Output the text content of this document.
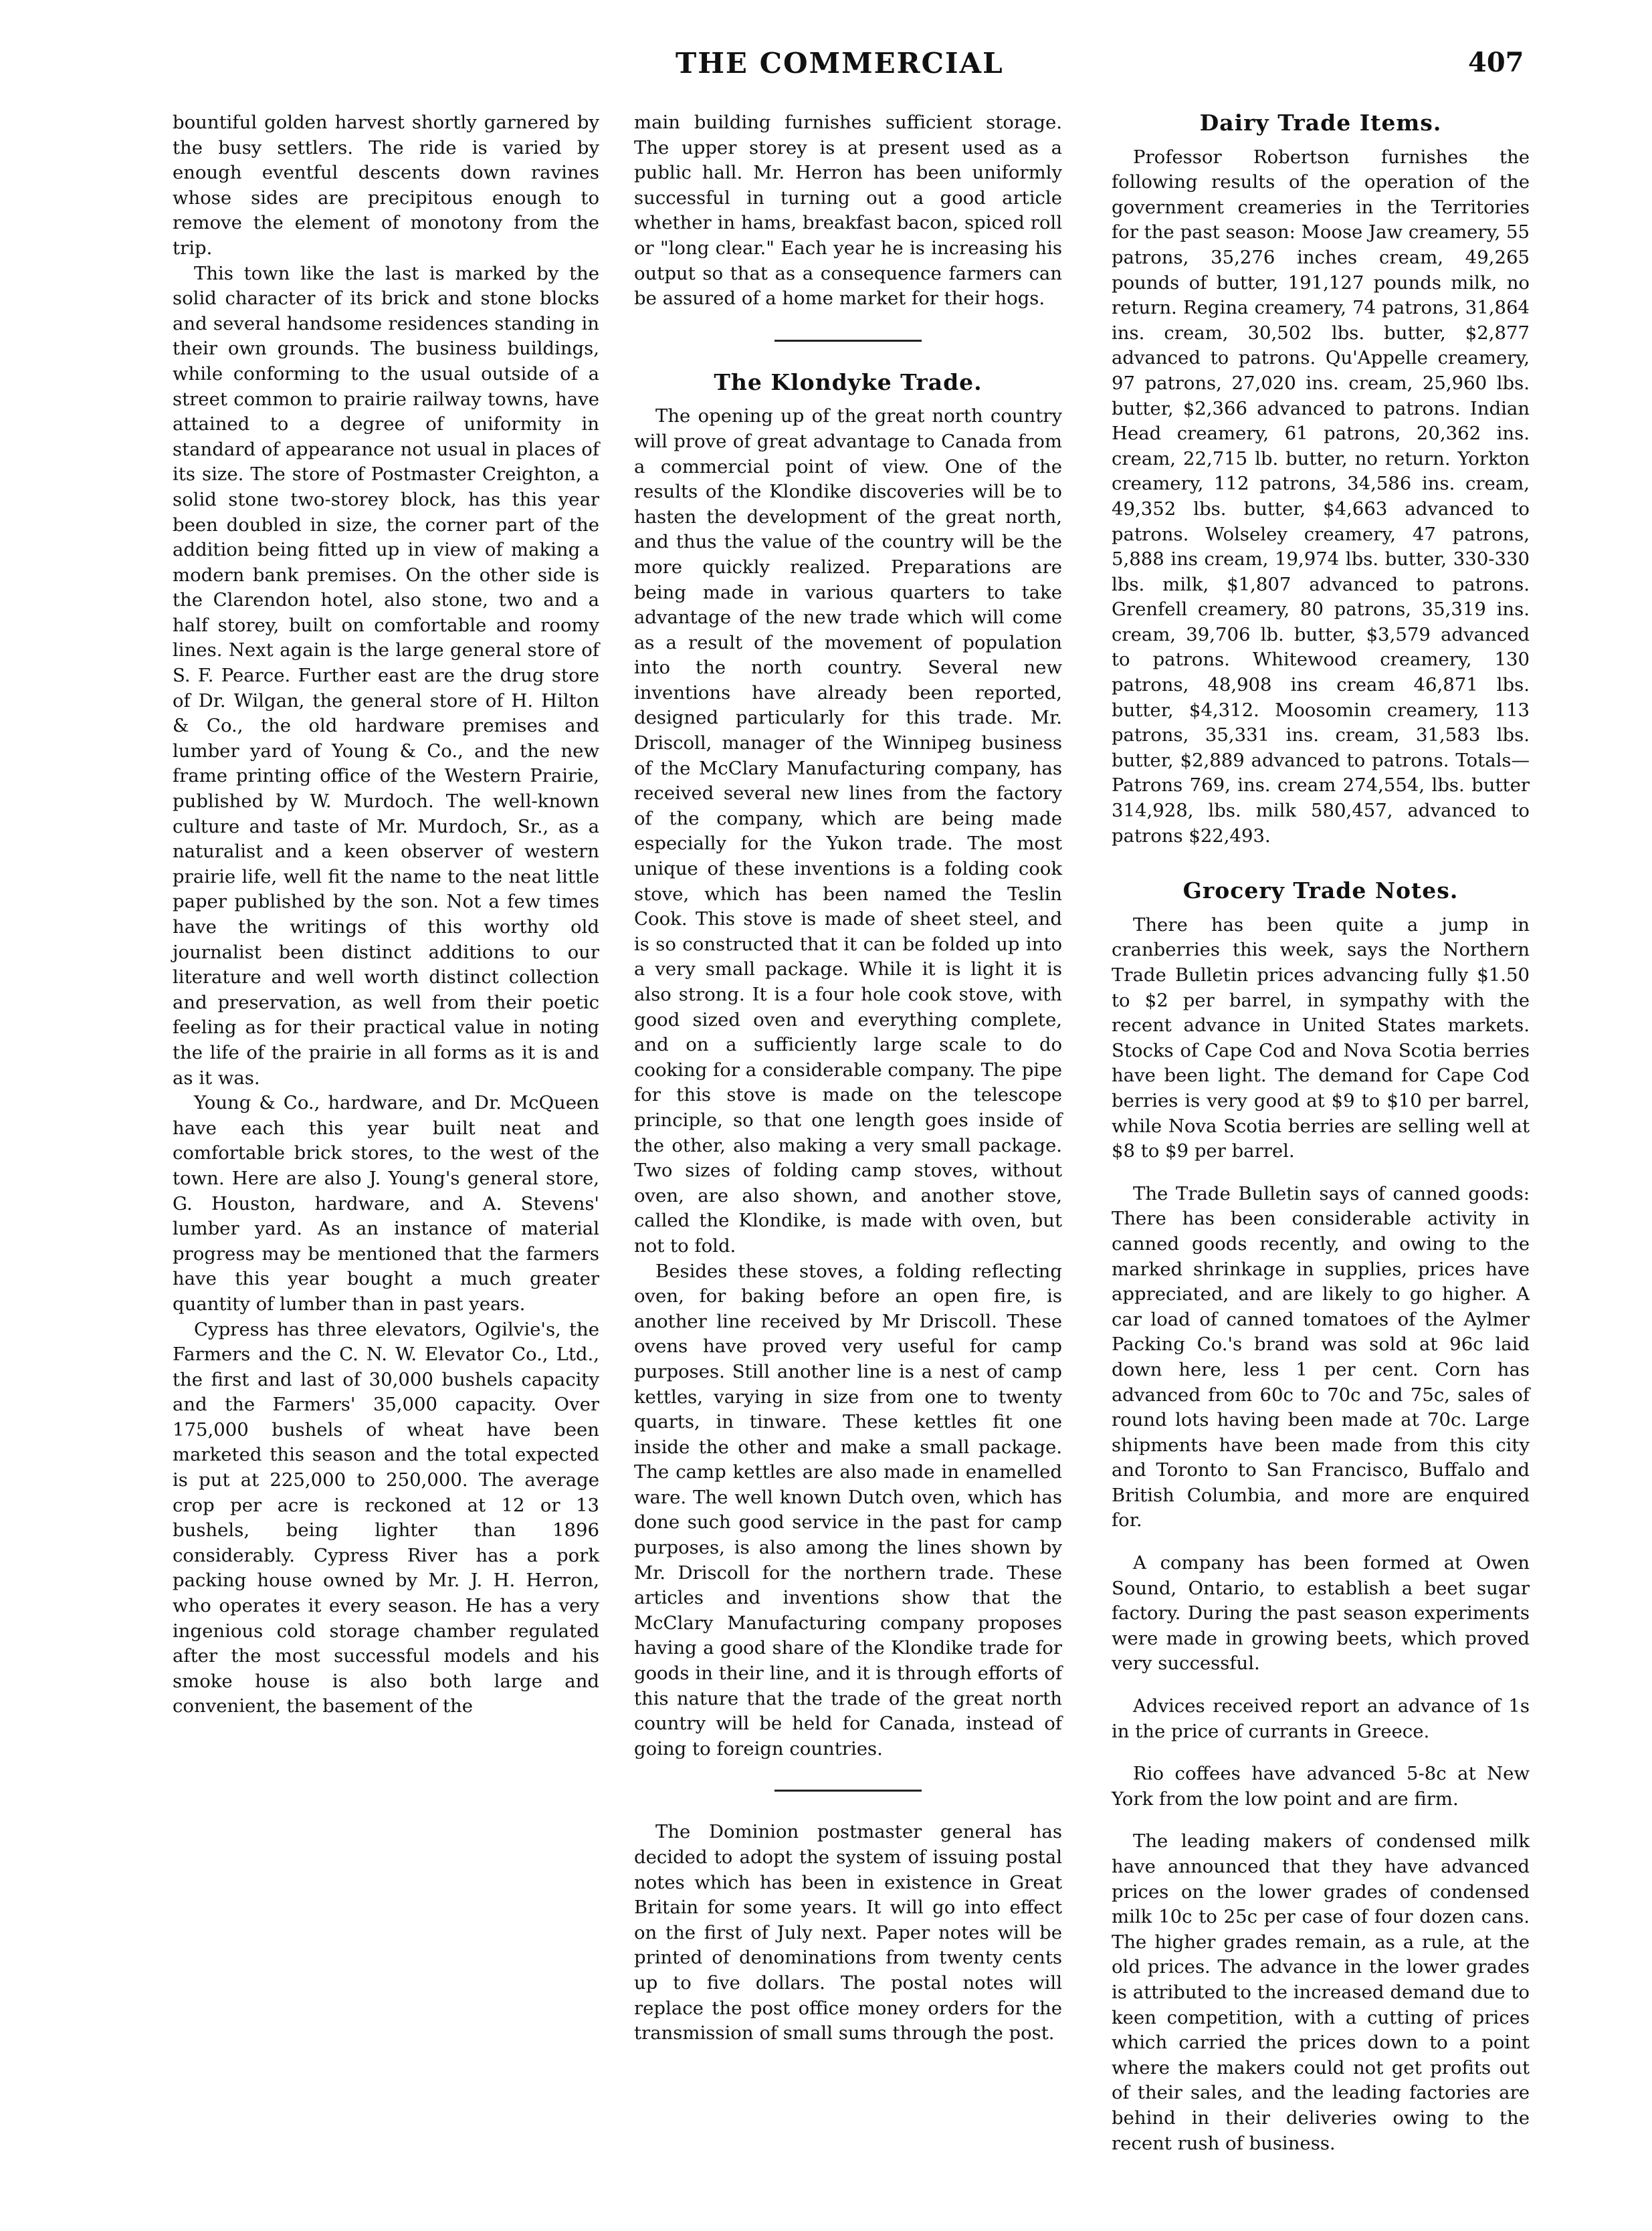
THE COMMERCIAL	407

bountiful golden harvest shortly garnered by the busy settlers. The ride is varied by enough eventful descents down ravines whose sides are precipitous enough to remove the element of monotony from the trip.

This town like the last is marked by the solid character of its brick and stone blocks and several handsome residences standing in their own grounds. The business buildings, while conforming to the usual outside of a street common to prairie railway towns, have attained to a degree of uniformity in standard of appearance not usual in places of its size. The store of Postmaster Creighton, a solid stone two-storey block, has this year been doubled in size, the corner part of the addition being fitted up in view of making a modern bank premises. On the other side is the Clarendon hotel, also stone, two and a half storey, built on comfortable and roomy lines. Next again is the large general store of S. F. Pearce. Further east are the drug store of Dr. Wilgan, the general store of H. Hilton & Co., the old hardware premises and lumber yard of Young & Co., and the new frame printing office of the Western Prairie, published by W. Murdoch. The well-known culture and taste of Mr. Murdoch, Sr., as a naturalist and a keen observer of western prairie life, well fit the name to the neat little paper published by the son. Not a few times have the writings of this worthy old journalist been distinct additions to our literature and well worth distinct collection and preservation, as well from their poetic feeling as for their practical value in noting the life of the prairie in all forms as it is and as it was.

Young & Co., hardware, and Dr. McQueen have each this year built neat and comfortable brick stores, to the west of the town. Here are also J. Young's general store, G. Houston, hardware, and A. Stevens' lumber yard. As an instance of material progress may be mentioned that the farmers have this year bought a much greater quantity of lumber than in past years.

Cypress has three elevators, Ogilvie's, the Farmers and the C. N. W. Elevator Co., Ltd., the first and last of 30,000 bushels capacity and the Farmers' 35,000 capacity. Over 175,000 bushels of wheat have been marketed this season and the total expected is put at 225,000 to 250,000. The average crop per acre is reckoned at 12 or 13 bushels, being lighter than 1896 considerably. Cypress River has a pork packing house owned by Mr. J. H. Herron, who operates it every season. He has a very ingenious cold storage chamber regulated after the most successful models and his smoke house is also both large and convenient, the basement of the

main building furnishes sufficient storage. The upper storey is at present used as a public hall. Mr. Herron has been uniformly successful in turning out a good article whether in hams, breakfast bacon, spiced roll or "long clear." Each year he is increasing his output so that as a consequence farmers can be assured of a home market for their hogs.

The Klondyke Trade.

The opening up of the great north country will prove of great advantage to Canada from a commercial point of view. One of the results of the Klondike discoveries will be to hasten the development of the great north, and thus the value of the country will be the more quickly realized. Preparations are being made in various quarters to take advantage of the new trade which will come as a result of the movement of population into the north country. Several new inventions have already been reported, designed particularly for this trade. Mr. Driscoll, manager of the Winnipeg business of the McClary Manufacturing company, has received several new lines from the factory of the company, which are being made especially for the Yukon trade. The most unique of these inventions is a folding cook stove, which has been named the Teslin Cook. This stove is made of sheet steel, and is so constructed that it can be folded up into a very small package. While it is light it is also strong. It is a four hole cook stove, with good sized oven and everything complete, and on a sufficiently large scale to do cooking for a considerable company. The pipe for this stove is made on the telescope principle, so that one length goes inside of the other, also making a very small package. Two sizes of folding camp stoves, without oven, are also shown, and another stove, called the Klondike, is made with oven, but not to fold.

Besides these stoves, a folding reflecting oven, for baking before an open fire, is another line received by Mr Driscoll. These ovens have proved very useful for camp purposes. Still another line is a nest of camp kettles, varying in size from one to twenty quarts, in tinware. These kettles fit one inside the other and make a small package. The camp kettles are also made in enamelled ware. The well known Dutch oven, which has done such good service in the past for camp purposes, is also among the lines shown by Mr. Driscoll for the northern trade. These articles and inventions show that the McClary Manufacturing company proposes having a good share of the Klondike trade for goods in their line, and it is through efforts of this nature that the trade of the great north country will be held for Canada, instead of going to foreign countries.

The Dominion postmaster general has decided to adopt the system of issuing postal notes which has been in existence in Great Britain for some years. It will go into effect on the first of July next. Paper notes will be printed of denominations from twenty cents up to five dollars. The postal notes will replace the post office money orders for the transmission of small sums through the post.

Dairy Trade Items.

Professor Robertson furnishes the following results of the operation of the government creameries in the Territories for the past season: Moose Jaw creamery, 55 patrons, 35,276 inches cream, 49,265 pounds of butter, 191,127 pounds milk, no return. Regina creamery, 74 patrons, 31,864 ins. cream, 30,502 lbs. butter, $2,877 advanced to patrons. Qu'Appelle creamery, 97 patrons, 27,020 ins. cream, 25,960 lbs. butter, $2,366 advanced to patrons. Indian Head creamery, 61 patrons, 20,362 ins. cream, 22,715 lb. butter, no return. Yorkton creamery, 112 patrons, 34,586 ins. cream, 49,352 lbs. butter, $4,663 advanced to patrons. Wolseley creamery, 47 patrons, 5,888 ins cream, 19,974 lbs. butter, 330-330 lbs. milk, $1,807 advanced to patrons. Grenfell creamery, 80 patrons, 35,319 ins. cream, 39,706 lb. butter, $3,579 advanced to patrons. Whitewood creamery, 130 patrons, 48,908 ins cream 46,871 lbs. butter, $4,312. Moosomin creamery, 113 patrons, 35,331 ins. cream, 31,583 lbs. butter, $2,889 advanced to patrons. Totals—Patrons 769, ins. cream 274,554, lbs. butter 314,928, lbs. milk 580,457, advanced to patrons $22,493.

Grocery Trade Notes.

There has been quite a jump in cranberries this week, says the Northern Trade Bulletin prices advancing fully $1.50 to $2 per barrel, in sympathy with the recent advance in United States markets. Stocks of Cape Cod and Nova Scotia berries have been light. The demand for Cape Cod berries is very good at $9 to $10 per barrel, while Nova Scotia berries are selling well at $8 to $9 per barrel.

The Trade Bulletin says of canned goods: There has been considerable activity in canned goods recently, and owing to the marked shrinkage in supplies, prices have appreciated, and are likely to go higher. A car load of canned tomatoes of the Aylmer Packing Co.'s brand was sold at 96c laid down here, less 1 per cent. Corn has advanced from 60c to 70c and 75c, sales of round lots having been made at 70c. Large shipments have been made from this city and Toronto to San Francisco, Buffalo and British Columbia, and more are enquired for.

A company has been formed at Owen Sound, Ontario, to establish a beet sugar factory. During the past season experiments were made in growing beets, which proved very successful.

Advices received report an advance of 1s in the price of currants in Greece.

Rio coffees have advanced 5-8c at New York from the low point and are firm.

The leading makers of condensed milk have announced that they have advanced prices on the lower grades of condensed milk 10c to 25c per case of four dozen cans. The higher grades remain, as a rule, at the old prices. The advance in the lower grades is attributed to the increased demand due to keen competition, with a cutting of prices which carried the prices down to a point where the makers could not get profits out of their sales, and the leading factories are behind in their deliveries owing to the recent rush of business.
